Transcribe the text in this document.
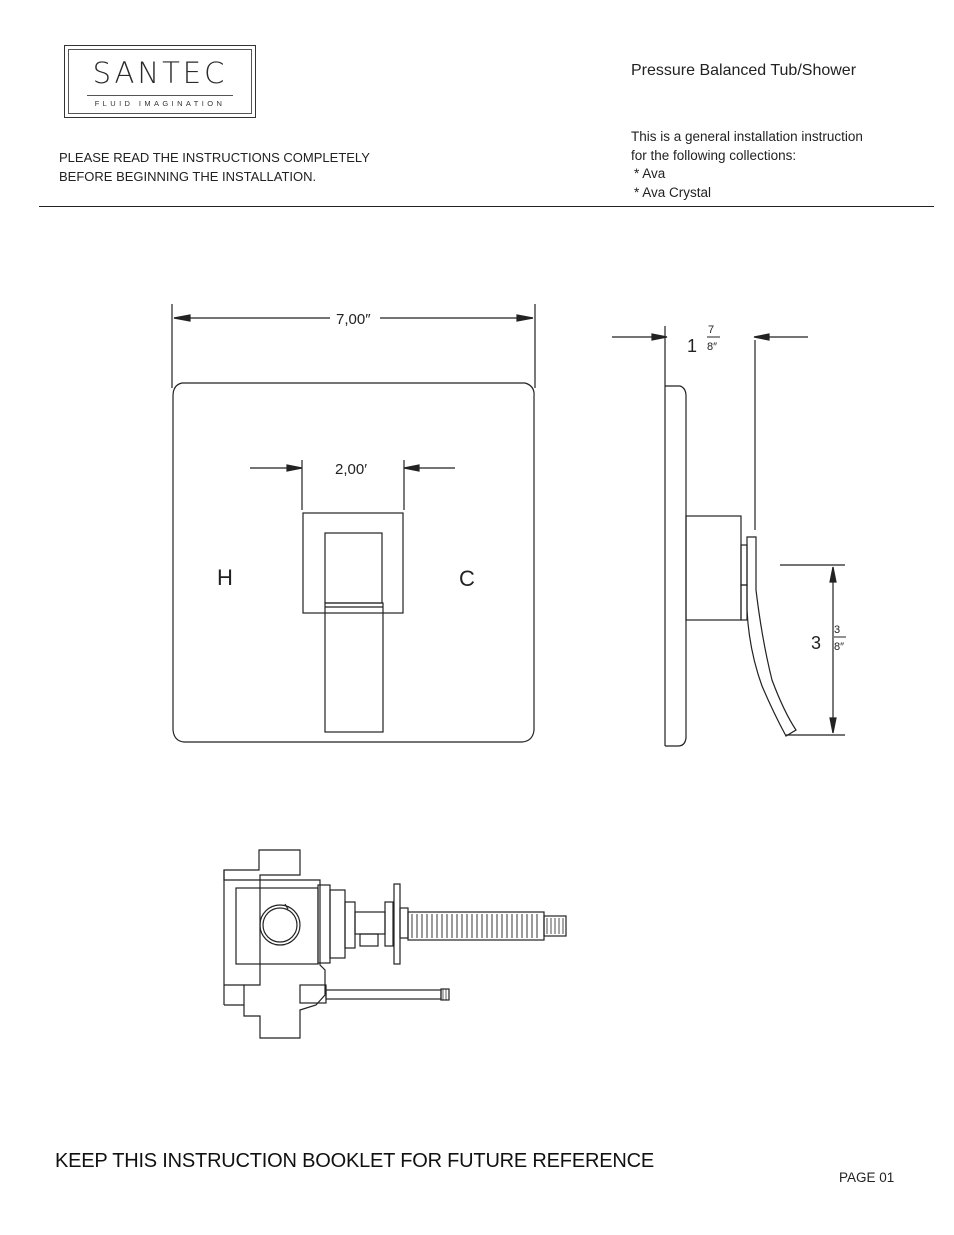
SANTEC
FLUID IMAGINATION
Pressure Balanced Tub/Shower
PLEASE READ THE INSTRUCTIONS COMPLETELY
BEFORE BEGINNING THE INSTALLATION.
This is a general installation instruction
for the following collections:
* Ava
* Ava Crystal
7,00″
2,00′
H	C
1
7
8″
3
3
8″
KEEP THIS INSTRUCTION BOOKLET FOR FUTURE REFERENCE
PAGE 01
